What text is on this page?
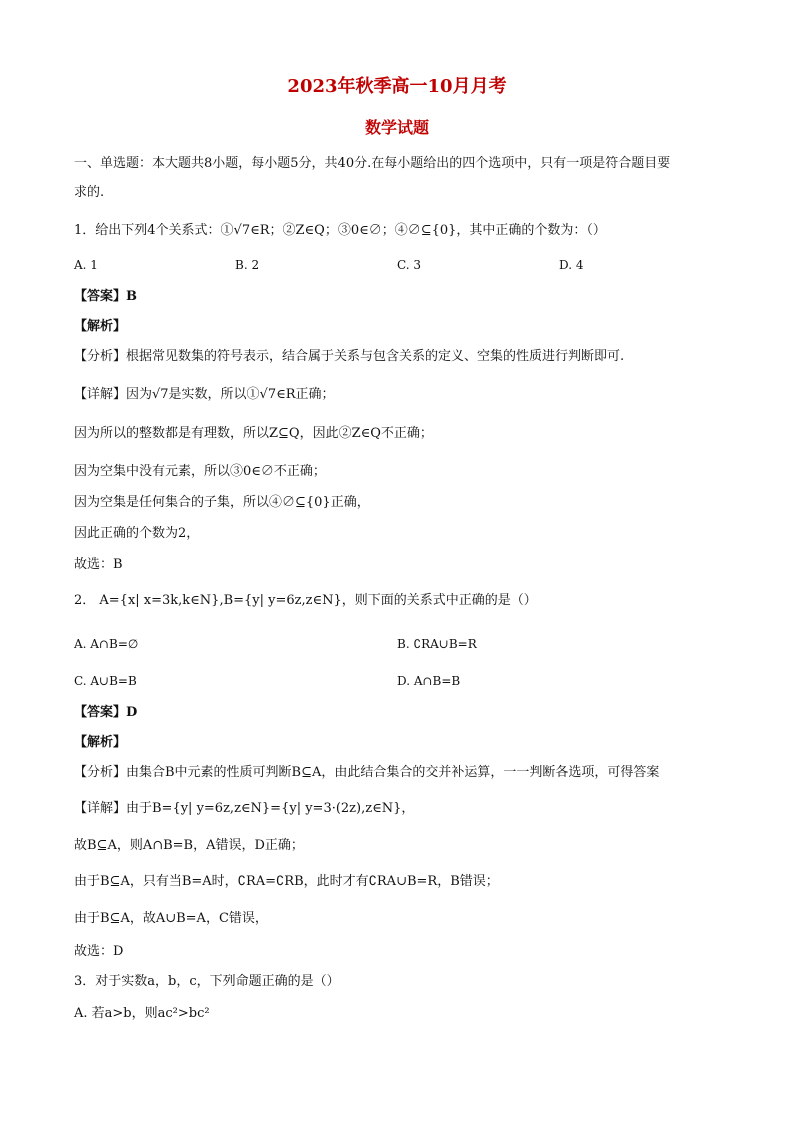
2023年秋季高一10月月考
数学试题
一、单选题：本大题共8小题，每小题5分，共40分.在每小题给出的四个选项中，只有一项是符合题目要
求的.
1．给出下列4个关系式：①√7∈R；②Z∈Q；③0∈∅；④∅⊆{0}，其中正确的个数为：（）
A. 1	B. 2	C. 3	D. 4
【答案】B
【解析】
【分析】根据常见数集的符号表示，结合属于关系与包含关系的定义、空集的性质进行判断即可.
【详解】因为√7是实数，所以①√7∈R正确；
因为所以的整数都是有理数，所以Z⊆Q，因此②Z∈Q不正确；
因为空集中没有元素，所以③0∈∅不正确；
因为空集是任何集合的子集，所以④∅⊆{0}正确，
因此正确的个数为2，
故选：B
2． A={x| x=3k,k∈N},B={y| y=6z,z∈N}，则下面的关系式中正确的是（）
A. A∩B=∅	B. ∁RA∪B=R
C. A∪B=B	D. A∩B=B
【答案】D
【解析】
【分析】由集合B中元素的性质可判断B⊆A，由此结合集合的交并补运算，一一判断各选项，可得答案
【详解】由于B={y| y=6z,z∈N}={y| y=3·(2z),z∈N}，
故B⊆A，则A∩B=B，A错误，D正确；
由于B⊆A，只有当B=A时，∁RA=∁RB，此时才有∁RA∪B=R，B错误；
由于B⊆A，故A∪B=A，C错误，
故选：D
3．对于实数a，b，c，下列命题正确的是（）
A. 若a>b，则ac²>bc²
